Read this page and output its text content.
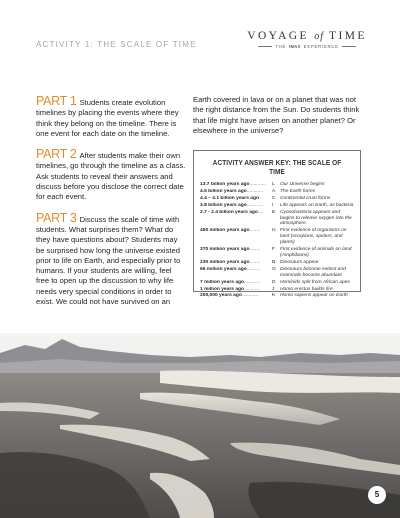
ACTIVITY 1: THE SCALE OF TIME
VOYAGE of TIME
THE IMAX EXPERIENCE

PART 1 Students create evolution timelines by placing the events where they think they belong on the timeline. There is one event for each date on the timeline.

PART 2 After students make their own timelines, go through the timeline as a class. Ask students to reveal their answers and discuss before you disclose the correct date for each event.

PART 3 Discuss the scale of time with students. What surprises them? What do they have questions about? Students may be surprised how long the universe existed prior to life on Earth, and especially prior to humans. If your students are willing, feel free to open up the discussion to why life needs very special conditions in order to exist. We could not have survived on an

Earth covered in lava or on a planet that was not the right distance from the Sun. Do students think that life might have arisen on another planet? Or elsewhere in the universe?
ACTIVITY ANSWER KEY: THE SCALE OF TIME
13.7 billion years ago............	L	Our Universe begins
4.5 billion years ago............	A The Earth forms
4.4 – 4.1 billion years ago .	C Continental crust forms
3.8 billion years ago............	I	Life appears on Earth, as bacteria
2.7 - 2.4 billion years ago....	E Cyanobacteria appears and begins to release oxygen into the atmosphere
450 million years ago........	H First evidence of organisms on land (scorpions, spiders, and plants)
370 million years ago........	F	First evidence of animals on land (Amphibians)
230 million years ago........	B Dinosaurs appear
66 million years ago..........	G Dinosaurs become extinct and mammals become abundant
7 million years ago............	D Hominids split from African apes
1 million years ago............	J	Homo erectus builds fire
200,000 years ago............	K Homo sapiens appear on Earth
5
